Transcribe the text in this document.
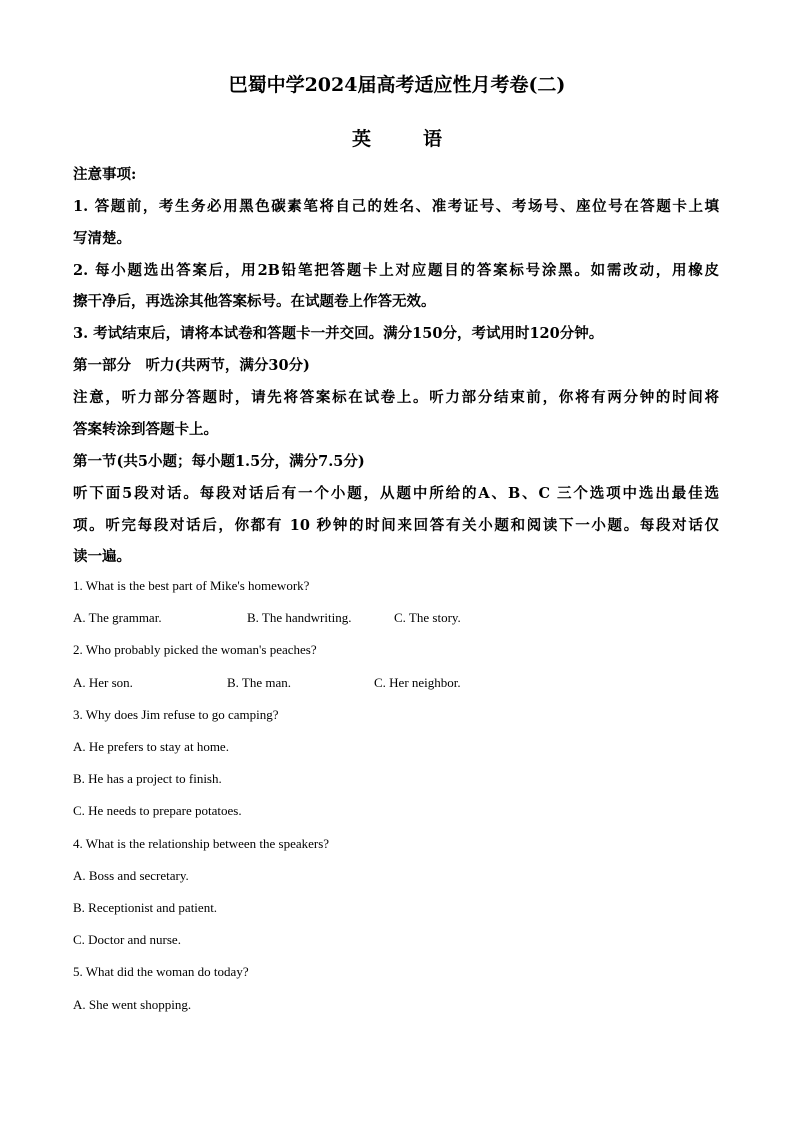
巴蜀中学2024届高考适应性月考卷(二)
英	语
注意事项:
1. 答题前，考生务必用黑色碳素笔将自己的姓名、准考证号、考场号、座位号在答题卡上填
写清楚。
2. 每小题选出答案后，用2B铅笔把答题卡上对应题目的答案标号涂黑。如需改动，用橡皮
擦干净后，再选涂其他答案标号。在试题卷上作答无效。
3. 考试结束后，请将本试卷和答题卡一并交回。满分150分，考试用时120分钟。
第一部分　听力(共两节，满分30分)
注意，听力部分答题时，请先将答案标在试卷上。听力部分结束前，你将有两分钟的时间将
答案转涂到答题卡上。
第一节(共5小题；每小题1.5分，满分7.5分)
听下面5段对话。每段对话后有一个小题，从题中所给的A、B、C 三个选项中选出最佳选
项。听完每段对话后，你都有 10 秒钟的时间来回答有关小题和阅读下一小题。每段对话仅
读一遍。
1. What is the best part of Mike's homework?
A. The grammar.	B. The handwriting.	C. The story.
2. Who probably picked the woman's peaches?
A. Her son.	B. The man.	C. Her neighbor.
3. Why does Jim refuse to go camping?
A. He prefers to stay at home.
B. He has a project to finish.
C. He needs to prepare potatoes.
4. What is the relationship between the speakers?
A. Boss and secretary.
B. Receptionist and patient.
C. Doctor and nurse.
5. What did the woman do today?
A. She went shopping.
